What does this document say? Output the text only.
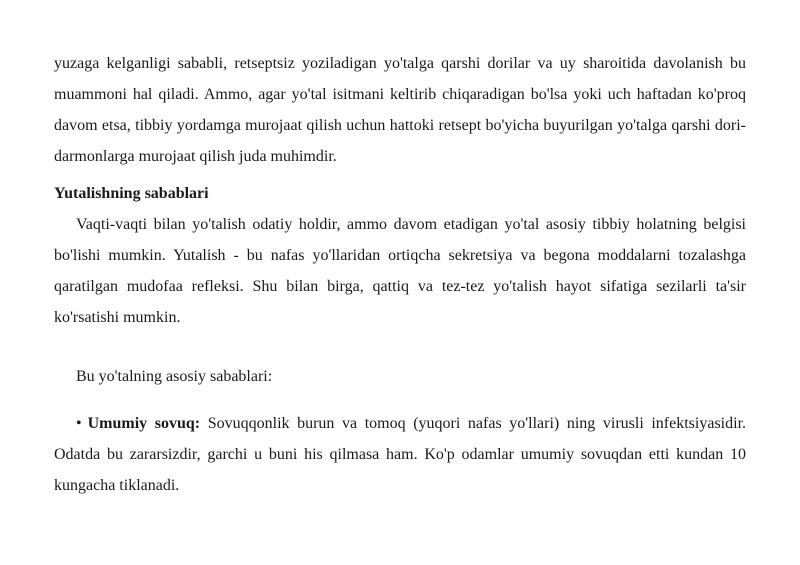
yuzaga kelganligi sababli, retseptsiz yoziladigan yo'talga qarshi dorilar va uy sharoitida davolanish bu muammoni hal qiladi. Ammo, agar yo'tal isitmani keltirib chiqaradigan bo'lsa yoki uch haftadan ko'proq davom etsa, tibbiy yordamga murojaat qilish uchun hattoki retsept bo'yicha buyurilgan yo'talga qarshi dori-darmonlarga murojaat qilish juda muhimdir.

Yutalishning sabablari

Vaqti-vaqti bilan yo'talish odatiy holdir, ammo davom etadigan yo'tal asosiy tibbiy holatning belgisi bo'lishi mumkin. Yutalish - bu nafas yo'llaridan ortiqcha sekretsiya va begona moddalarni tozalashga qaratilgan mudofaa refleksi. Shu bilan birga, qattiq va tez-tez yo'talish hayot sifatiga sezilarli ta'sir ko'rsatishi mumkin.

Bu yo'talning asosiy sabablari:

• Umumiy sovuq: Sovuqqonlik burun va tomoq (yuqori nafas yo'llari) ning virusli infektsiyasidir. Odatda bu zararsizdir, garchi u buni his qilmasa ham. Ko'p odamlar umumiy sovuqdan etti kundan 10 kungacha tiklanadi.
